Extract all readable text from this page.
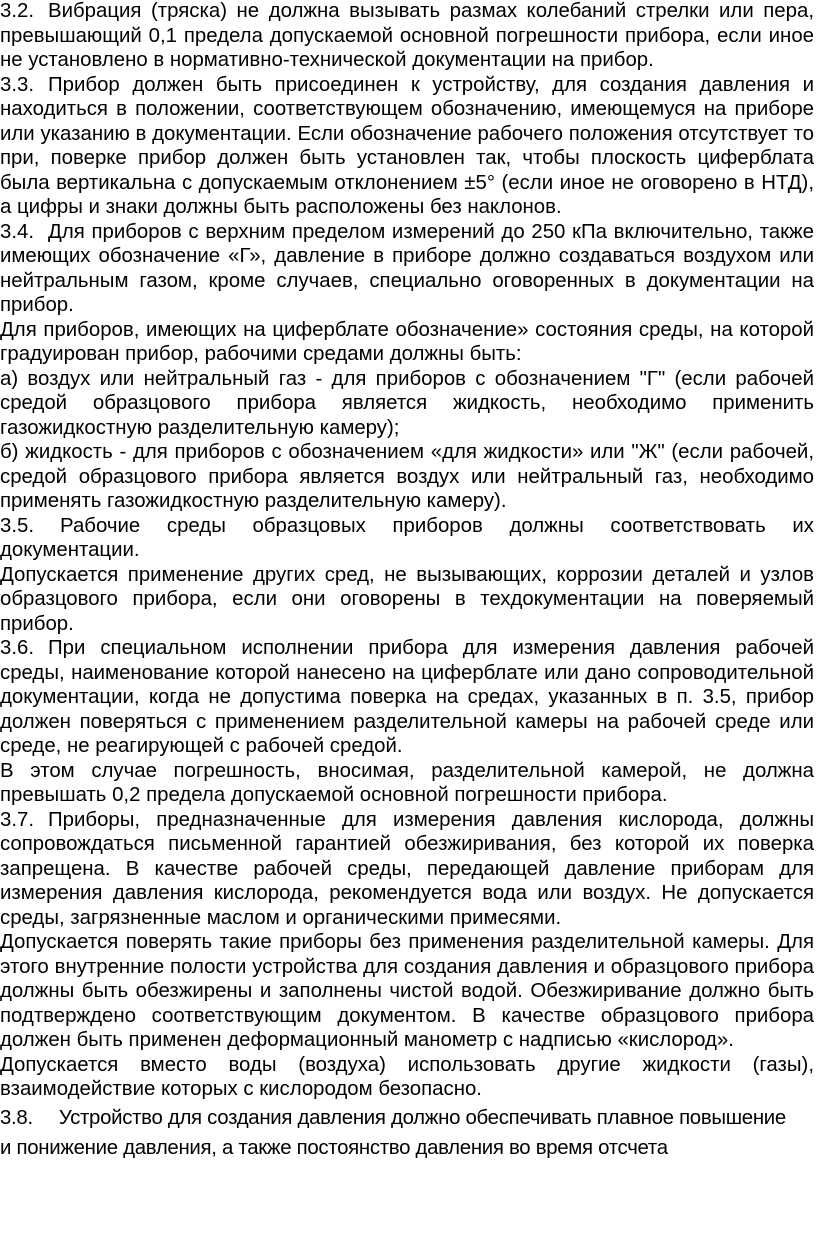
3.2. Вибрация (тряска) не должна вызывать размах колебаний стрелки или пера, превышающий 0,1 предела допускаемой основной погрешности прибора, если иное не установлено в нормативно-технической документации на прибор.

3.3. Прибор должен быть присоединен к устройству, для создания давления и находиться в положении, соответствующем обозначению, имеющемуся на приборе или указанию в документации. Если обозначение рабочего положения отсутствует то при, поверке прибор должен быть установлен так, чтобы плоскость циферблата была вертикальна с допускаемым отклонением ±5° (если иное не оговорено в НТД), а цифры и знаки должны быть расположены без наклонов.

3.4. Для приборов с верхним пределом измерений до 250 кПа включительно, также имеющих обозначение «Г», давление в приборе должно создаваться воздухом или нейтральным газом, кроме случаев, специально оговоренных в документации на прибор.

Для приборов, имеющих на циферблате обозначение» состояния среды, на которой градуирован прибор, рабочими средами должны быть:

а) воздух или нейтральный газ - для приборов с обозначением "Г" (если рабочей средой образцового прибора является жидкость, необходимо применить газожидкостную разделительную камеру);

б) жидкость - для приборов с обозначением «для жидкости» или "Ж" (если рабочей, средой образцового прибора является воздух или нейтральный газ, необходимо применять газожидкостную разделительную камеру).

3.5. Рабочие среды образцовых приборов должны соответствовать их документации.

Допускается применение других сред, не вызывающих, коррозии деталей и узлов образцового прибора, если они оговорены в техдокументации на поверяемый прибор.

3.6. При специальном исполнении прибора для измерения давления рабочей среды, наименование которой нанесено на циферблате или дано сопроводительной документации, когда не допустима поверка на средах, указанных в п. 3.5, прибор должен поверяться с применением разделительной камеры на рабочей среде или среде, не реагирующей с рабочей средой.

В этом случае погрешность, вносимая, разделительной камерой, не должна превышать 0,2 предела допускаемой основной погрешности прибора.

3.7. Приборы, предназначенные для измерения давления кислорода, должны сопровождаться письменной гарантией обезжиривания, без которой их поверка запрещена. В качестве рабочей среды, передающей давление приборам для измерения давления кислорода, рекомендуется вода или воздух. Не допускается среды, загрязненные маслом и органическими примесями.

Допускается поверять такие приборы без применения разделительной камеры. Для этого внутренние полости устройства для создания давления и образцового прибора должны быть обезжирены и заполнены чистой водой. Обезжиривание должно быть подтверждено соответствующим документом. В качестве образцового прибора должен быть применен деформационный манометр с надписью «кислород».

Допускается вместо воды (воздуха) использовать другие жидкости (газы), взаимодействие которых с кислородом безопасно.

3.8. Устройство для создания давления должно обеспечивать плавное повышение

и понижение давления, а также постоянство давления во время отсчета
